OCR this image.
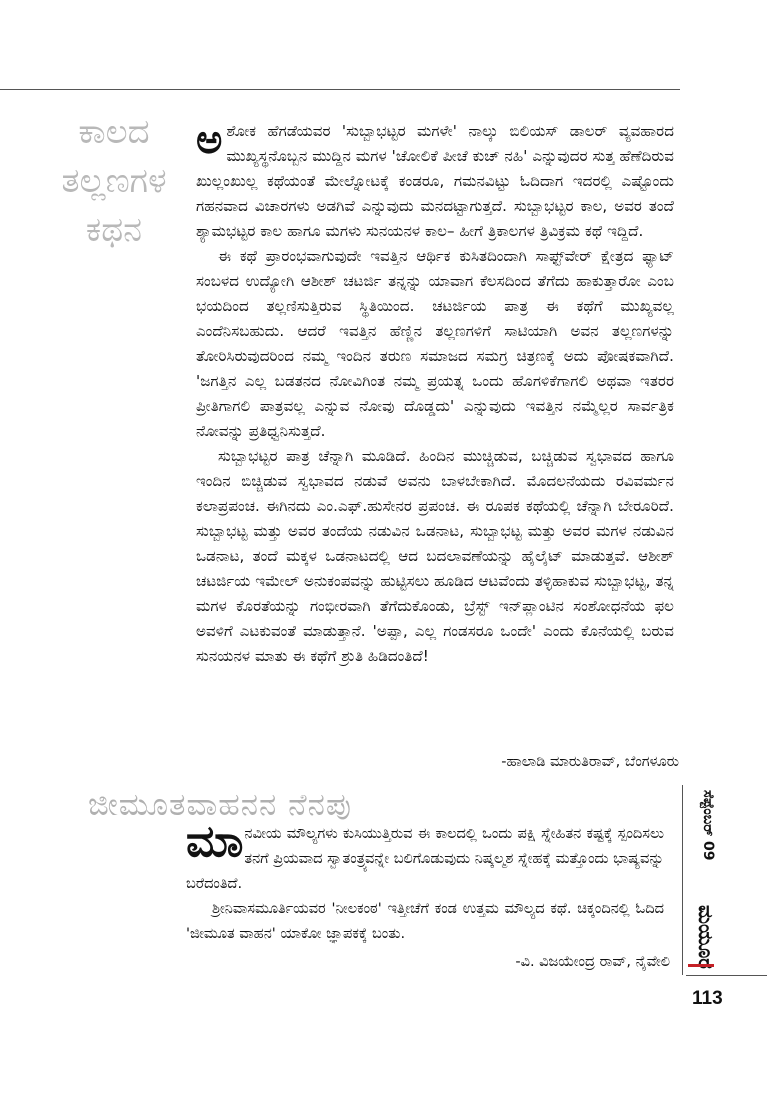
ಕಾಲದ
ತಲ್ಲಣಗಳ
ಕಥನ

ಅಶೋಕ ಹೆಗಡೆಯವರ 'ಸುಬ್ಬಾಭಟ್ಟರ ಮಗಳೇ' ನಾಲ್ಕು ಬಿಲಿಯಸ್ ಡಾಲರ್ ವ್ಯವಹಾರದ ಮುಖ್ಯಸ್ಥನೊಬ್ಬನ ಮುದ್ದಿನ ಮಗಳ 'ಚೋಲಿಕೆ ಪೀಚೆ ಕುಚ್ ನಹಿ' ಎನ್ನುವುದರ ಸುತ್ತ ಹೆಣೆದಿರುವ ಖುಲ್ಲಂಖುಲ್ಲ ಕಥೆಯಂತೆ ಮೇಲ್ನೋಟಕ್ಕೆ ಕಂಡರೂ, ಗಮನವಿಟ್ಟು ಓದಿದಾಗ ಇದರಲ್ಲಿ ಎಷ್ಟೊಂದು ಗಹನವಾದ ವಿಚಾರಗಳು ಅಡಗಿವೆ ಎನ್ನುವುದು ಮನದಟ್ಟಾಗುತ್ತದೆ. ಸುಬ್ಬಾಭಟ್ಟರ ಕಾಲ, ಅವರ ತಂದೆ ಶ್ಯಾಮಭಟ್ಟರ ಕಾಲ ಹಾಗೂ ಮಗಳು ಸುನಯನಳ ಕಾಲ– ಹೀಗೆ ತ್ರಿಕಾಲಗಳ ತ್ರಿವಿಕ್ರಮ ಕಥೆ ಇದ್ದಿದೆ.

ಈ ಕಥೆ ಪ್ರಾರಂಭವಾಗುವುದೇ ಇವತ್ತಿನ ಆರ್ಥಿಕ ಕುಸಿತದಿಂದಾಗಿ ಸಾಫ್ಟ್‌ವೇರ್ ಕ್ಷೇತ್ರದ ಫ್ಯಾಟ್ ಸಂಬಳದ ಉದ್ಯೋಗಿ ಆಶೀಶ್ ಚಟರ್ಜಿ ತನ್ನನ್ನು ಯಾವಾಗ ಕೆಲಸದಿಂದ ತೆಗೆದು ಹಾಕುತ್ತಾರೋ ಎಂಬ ಭಯದಿಂದ ತಲ್ಲಣಿಸುತ್ತಿರುವ ಸ್ಥಿತಿಯಿಂದ. ಚಟರ್ಜಿಯ ಪಾತ್ರ ಈ ಕಥೆಗೆ ಮುಖ್ಯವಲ್ಲ ಎಂದೆನಿಸಬಹುದು. ಆದರೆ ಇವತ್ತಿನ ಹೆಣ್ಣಿನ ತಲ್ಲಣಗಳಿಗೆ ಸಾಟಿಯಾಗಿ ಅವನ ತಲ್ಲಣಗಳನ್ನು ತೋರಿಸಿರುವುದರಿಂದ ನಮ್ಮ ಇಂದಿನ ತರುಣ ಸಮಾಜದ ಸಮಗ್ರ ಚಿತ್ರಣಕ್ಕೆ ಅದು ಪೋಷಕವಾಗಿದೆ. 'ಜಗತ್ತಿನ ಎಲ್ಲ ಬಡತನದ ನೋವಿಗಿಂತ ನಮ್ಮ ಪ್ರಯತ್ನ ಒಂದು ಹೊಗಳಿಕೆಗಾಗಲಿ ಅಥವಾ ಇತರರ ಪ್ರೀತಿಗಾಗಲಿ ಪಾತ್ರವಲ್ಲ ಎನ್ನುವ ನೋವು ದೊಡ್ಡದು' ಎನ್ನುವುದು ಇವತ್ತಿನ ನಮ್ಮೆಲ್ಲರ ಸಾರ್ವತ್ರಿಕ ನೋವನ್ನು ಪ್ರತಿಧ್ವನಿಸುತ್ತದೆ.

ಸುಬ್ಬಾಭಟ್ಟರ ಪಾತ್ರ ಚೆನ್ನಾಗಿ ಮೂಡಿದೆ. ಹಿಂದಿನ ಮುಚ್ಚಿಡುವ, ಬಚ್ಚಿಡುವ ಸ್ವಭಾವದ ಹಾಗೂ ಇಂದಿನ ಬಿಚ್ಚಿಡುವ ಸ್ವಭಾವದ ನಡುವೆ ಅವನು ಬಾಳಬೇಕಾಗಿದೆ. ಮೊದಲನೆಯದು ರವಿವರ್ಮನ ಕಲಾಪ್ರಪಂಚ. ಈಗಿನದು ಎಂ.ಎಫ್.ಹುಸೇನರ ಪ್ರಪಂಚ. ಈ ರೂಪಕ ಕಥೆಯಲ್ಲಿ ಚೆನ್ನಾಗಿ ಬೇರೂರಿದೆ. ಸುಬ್ಬಾಭಟ್ಟ ಮತ್ತು ಅವರ ತಂದೆಯ ನಡುವಿನ ಒಡನಾಟ, ಸುಬ್ಬಾಭಟ್ಟ ಮತ್ತು ಅವರ ಮಗಳ ನಡುವಿನ ಒಡನಾಟ, ತಂದೆ ಮಕ್ಕಳ ಒಡನಾಟದಲ್ಲಿ ಆದ ಬದಲಾವಣೆಯನ್ನು ಹೈಲೈಟ್ ಮಾಡುತ್ತವೆ. ಆಶೀಶ್ ಚಟರ್ಜಿಯ ಇಮೇಲ್ ಅನುಕಂಪವನ್ನು ಹುಟ್ಟಿಸಲು ಹೂಡಿದ ಆಟವೆಂದು ತಳ್ಳಿಹಾಕುವ ಸುಬ್ಬಾಭಟ್ಟ, ತನ್ನ ಮಗಳ ಕೊರತೆಯನ್ನು ಗಂಭೀರವಾಗಿ ತೆಗೆದುಕೊಂಡು, ಬ್ರೆಸ್ಟ್ ಇನ್‌ಪ್ಲಾಂಟಿನ ಸಂಶೋಧನೆಯ ಫಲ ಅವಳಿಗೆ ಎಟಕುವಂತೆ ಮಾಡುತ್ತಾನೆ. 'ಅಪ್ಪಾ, ಎಲ್ಲ ಗಂಡಸರೂ ಒಂದೇ' ಎಂದು ಕೊನೆಯಲ್ಲಿ ಬರುವ ಸುನಯನಳ ಮಾತು ಈ ಕಥೆಗೆ ಶ್ರುತಿ ಹಿಡಿದಂತಿದೆ!

-ಹಾಲಾಡಿ ಮಾರುತಿರಾವ್, ಬೆಂಗಳೂರು
ಜೀಮೂತವಾಹನನ ನೆನಪು

ಮಾನವೀಯ ಮೌಲ್ಯಗಳು ಕುಸಿಯುತ್ತಿರುವ ಈ ಕಾಲದಲ್ಲಿ ಒಂದು ಪಕ್ಷಿ ಸ್ನೇಹಿತನ ಕಷ್ಟಕ್ಕೆ ಸ್ಪಂದಿಸಲು ತನಗೆ ಪ್ರಿಯವಾದ ಸ್ವಾತಂತ್ರ್ಯವನ್ನೇ ಬಲಿಗೊಡುವುದು ನಿಷ್ಕಲ್ಮಶ ಸ್ನೇಹಕ್ಕೆ ಮತ್ತೊಂದು ಭಾಷ್ಯವನ್ನು ಬರೆದಂತಿದೆ.

ಶ್ರೀನಿವಾಸಮೂರ್ತಿಯವರ 'ನೀಲಕಂಠ' ಇತ್ತೀಚೆಗೆ ಕಂಡ ಉತ್ತಮ ಮೌಲ್ಯದ ಕಥೆ. ಚಿಕ್ಕಂದಿನಲ್ಲಿ ಓದಿದ 'ಜೀಮೂತ ವಾಹನ' ಯಾಕೋ ಜ್ಞಾಪಕಕ್ಕೆ ಬಂತು.

-ವಿ. ವಿಜಯೇಂದ್ರ ರಾವ್, ನೈವೇಲಿ
ಸೆಪ್ಟೆಂಬರ್ 09
ಮಯೂರ
113
